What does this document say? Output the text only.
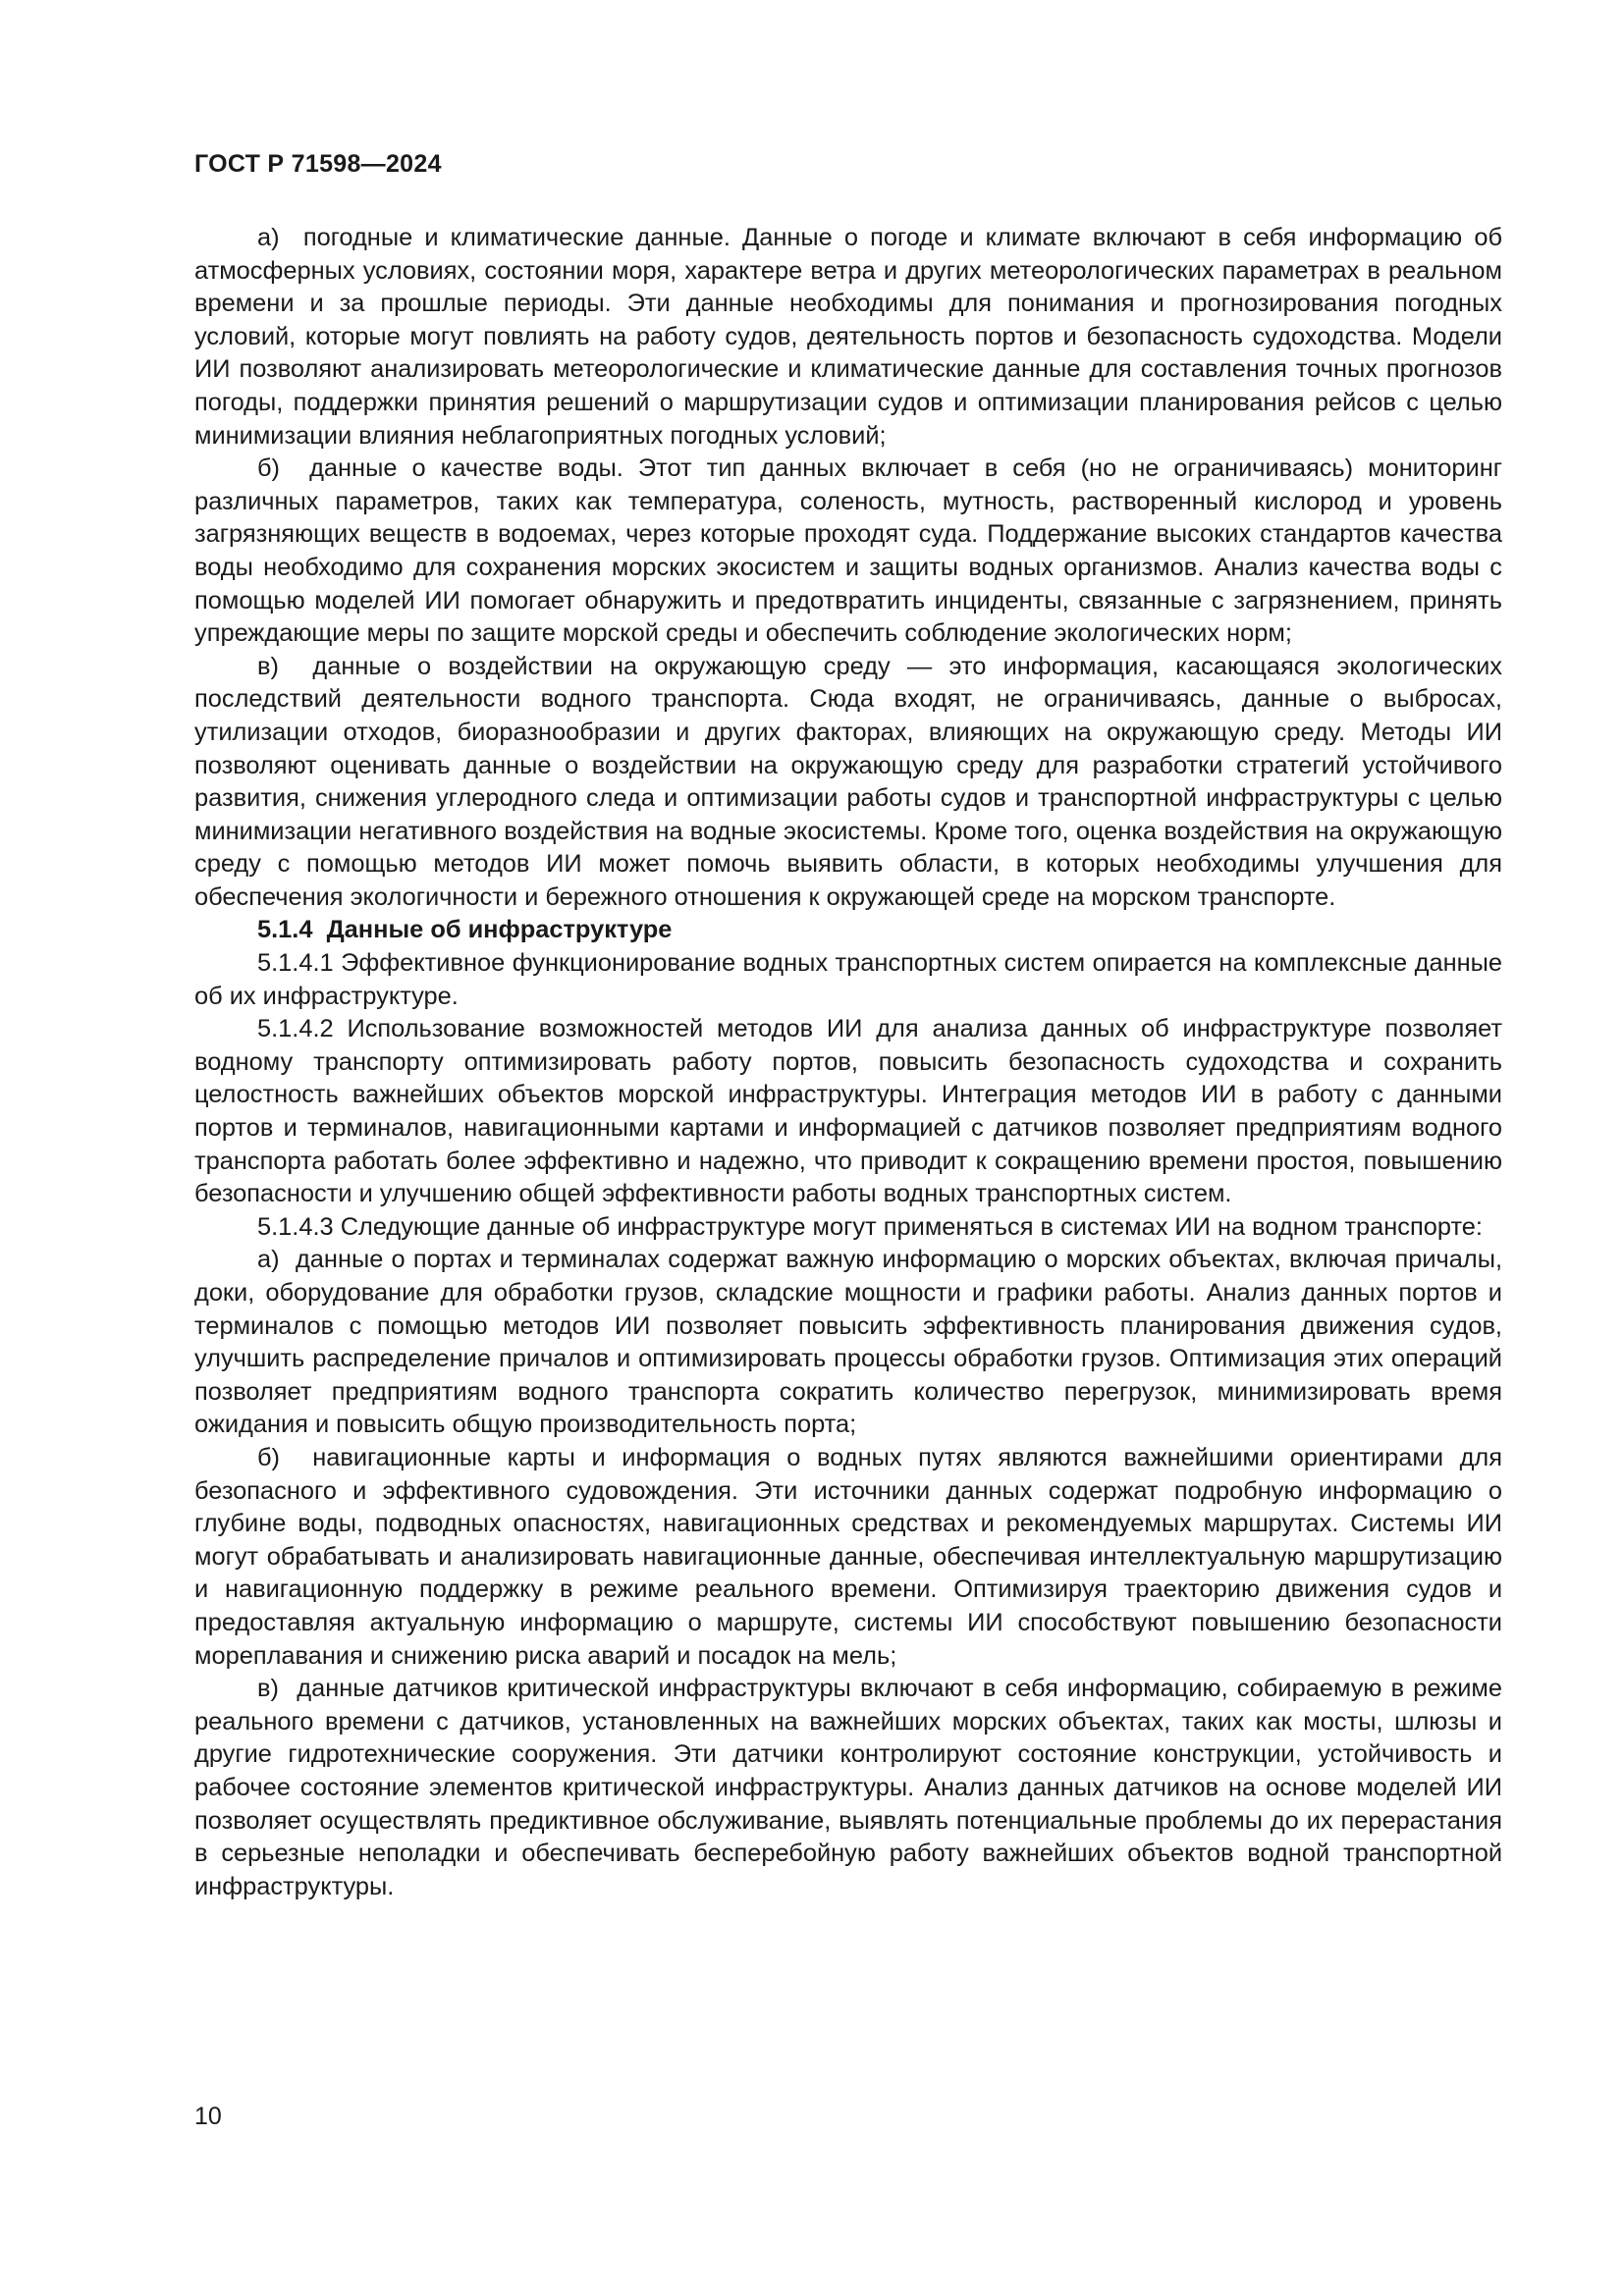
ГОСТ Р 71598—2024

а)  погодные и климатические данные. Данные о погоде и климате включают в себя информацию об атмосферных условиях, состоянии моря, характере ветра и других метеорологических параметрах в реальном времени и за прошлые периоды. Эти данные необходимы для понимания и прогнозирования погодных условий, которые могут повлиять на работу судов, деятельность портов и безопасность судоходства. Модели ИИ позволяют анализировать метеорологические и климатические данные для составления точных прогнозов погоды, поддержки принятия решений о маршрутизации судов и оптимизации планирования рейсов с целью минимизации влияния неблагоприятных погодных условий;

б)  данные о качестве воды. Этот тип данных включает в себя (но не ограничиваясь) мониторинг различных параметров, таких как температура, соленость, мутность, растворенный кислород и уровень загрязняющих веществ в водоемах, через которые проходят суда. Поддержание высоких стандартов качества воды необходимо для сохранения морских экосистем и защиты водных организмов. Анализ качества воды с помощью моделей ИИ помогает обнаружить и предотвратить инциденты, связанные с загрязнением, принять упреждающие меры по защите морской среды и обеспечить соблюдение экологических норм;

в)  данные о воздействии на окружающую среду — это информация, касающаяся экологических последствий деятельности водного транспорта. Сюда входят, не ограничиваясь, данные о выбросах, утилизации отходов, биоразнообразии и других факторах, влияющих на окружающую среду. Методы ИИ позволяют оценивать данные о воздействии на окружающую среду для разработки стратегий устойчивого развития, снижения углеродного следа и оптимизации работы судов и транспортной инфраструктуры с целью минимизации негативного воздействия на водные экосистемы. Кроме того, оценка воздействия на окружающую среду с помощью методов ИИ может помочь выявить области, в которых необходимы улучшения для обеспечения экологичности и бережного отношения к окружающей среде на морском транспорте.

5.1.4  Данные об инфраструктуре

5.1.4.1 Эффективное функционирование водных транспортных систем опирается на комплексные данные об их инфраструктуре.

5.1.4.2 Использование возможностей методов ИИ для анализа данных об инфраструктуре позволяет водному транспорту оптимизировать работу портов, повысить безопасность судоходства и сохранить целостность важнейших объектов морской инфраструктуры. Интеграция методов ИИ в работу с данными портов и терминалов, навигационными картами и информацией с датчиков позволяет предприятиям водного транспорта работать более эффективно и надежно, что приводит к сокращению времени простоя, повышению безопасности и улучшению общей эффективности работы водных транспортных систем.

5.1.4.3 Следующие данные об инфраструктуре могут применяться в системах ИИ на водном транспорте:

а)  данные о портах и терминалах содержат важную информацию о морских объектах, включая причалы, доки, оборудование для обработки грузов, складские мощности и графики работы. Анализ данных портов и терминалов с помощью методов ИИ позволяет повысить эффективность планирования движения судов, улучшить распределение причалов и оптимизировать процессы обработки грузов. Оптимизация этих операций позволяет предприятиям водного транспорта сократить количество перегрузок, минимизировать время ожидания и повысить общую производительность порта;

б)  навигационные карты и информация о водных путях являются важнейшими ориентирами для безопасного и эффективного судовождения. Эти источники данных содержат подробную информацию о глубине воды, подводных опасностях, навигационных средствах и рекомендуемых маршрутах. Системы ИИ могут обрабатывать и анализировать навигационные данные, обеспечивая интеллектуальную маршрутизацию и навигационную поддержку в режиме реального времени. Оптимизируя траекторию движения судов и предоставляя актуальную информацию о маршруте, системы ИИ способствуют повышению безопасности мореплавания и снижению риска аварий и посадок на мель;

в)  данные датчиков критической инфраструктуры включают в себя информацию, собираемую в режиме реального времени с датчиков, установленных на важнейших морских объектах, таких как мосты, шлюзы и другие гидротехнические сооружения. Эти датчики контролируют состояние конструкции, устойчивость и рабочее состояние элементов критической инфраструктуры. Анализ данных датчиков на основе моделей ИИ позволяет осуществлять предиктивное обслуживание, выявлять потенциальные проблемы до их перерастания в серьезные неполадки и обеспечивать бесперебойную работу важнейших объектов водной транспортной инфраструктуры.

10
